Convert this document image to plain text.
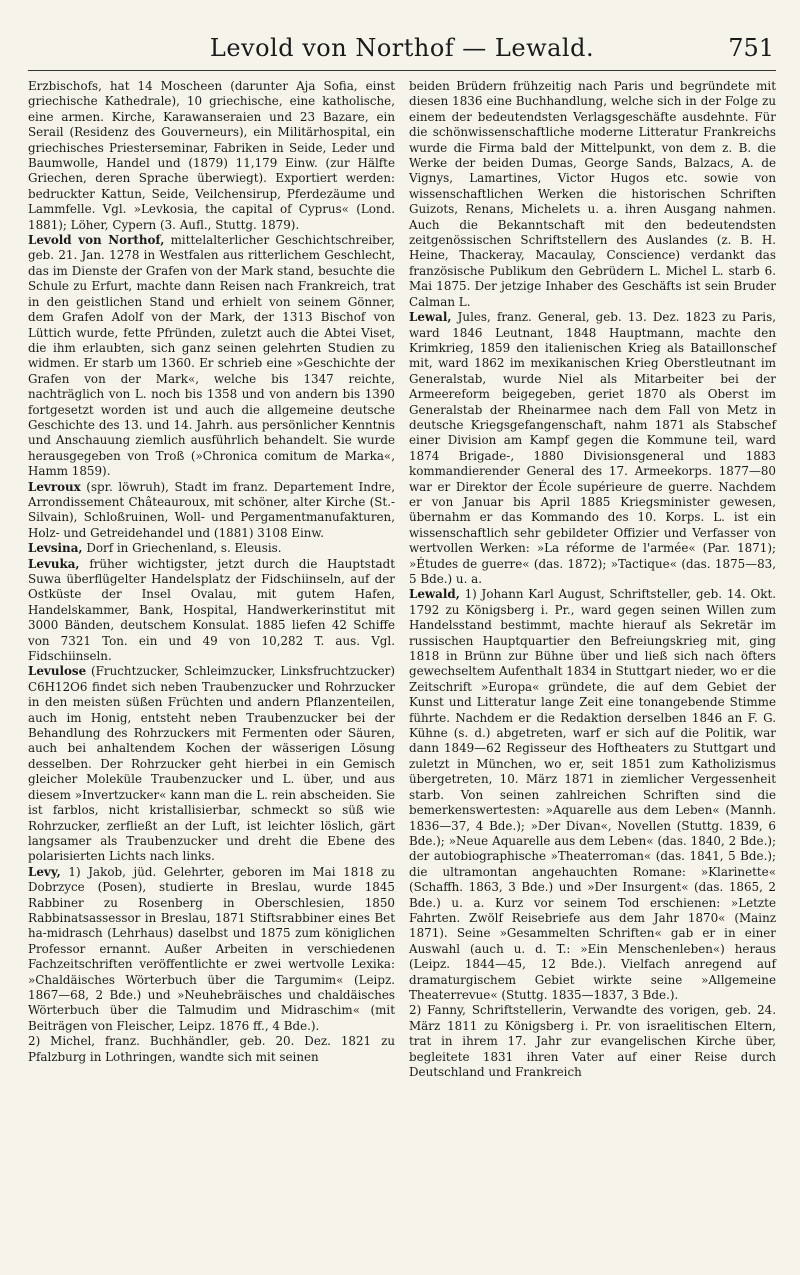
Levold von Northof — Lewald.	751

Erzbischofs, hat 14 Moscheen (darunter Aja Sofia, einst griechische Kathedrale), 10 griechische, eine katholische, eine armen. Kirche, Karawanseraien und 23 Bazare, ein Serail (Residenz des Gouverneurs), ein Militärhospital, ein griechisches Priesterseminar, Fabriken in Seide, Leder und Baumwolle, Handel und (1879) 11,179 Einw. (zur Hälfte Griechen, deren Sprache überwiegt). Exportiert werden: bedruckter Kattun, Seide, Veilchensirup, Pferdezäume und Lammfelle. Vgl. »Levkosia, the capital of Cyprus« (Lond. 1881); Löher, Cypern (3. Aufl., Stuttg. 1879).

Levold von Northof, mittelalterlicher Geschichtschreiber, geb. 21. Jan. 1278 in Westfalen aus ritterlichem Geschlecht, das im Dienste der Grafen von der Mark stand, besuchte die Schule zu Erfurt, machte dann Reisen nach Frankreich, trat in den geistlichen Stand und erhielt von seinem Gönner, dem Grafen Adolf von der Mark, der 1313 Bischof von Lüttich wurde, fette Pfründen, zuletzt auch die Abtei Viset, die ihm erlaubten, sich ganz seinen gelehrten Studien zu widmen. Er starb um 1360. Er schrieb eine »Geschichte der Grafen von der Mark«, welche bis 1347 reichte, nachträglich von L. noch bis 1358 und von andern bis 1390 fortgesetzt worden ist und auch die allgemeine deutsche Geschichte des 13. und 14. Jahrh. aus persönlicher Kenntnis und Anschauung ziemlich ausführlich behandelt. Sie wurde herausgegeben von Troß (»Chronica comitum de Marka«, Hamm 1859).

Levroux (spr. löwruh), Stadt im franz. Departement Indre, Arrondissement Châteauroux, mit schöner, alter Kirche (St.-Silvain), Schloßruinen, Woll- und Pergamentmanufakturen, Holz- und Getreidehandel und (1881) 3108 Einw.

Levsina, Dorf in Griechenland, s. Eleusis.

Levuka, früher wichtigster, jetzt durch die Hauptstadt Suwa überflügelter Handelsplatz der Fidschiinseln, auf der Ostküste der Insel Ovalau, mit gutem Hafen, Handelskammer, Bank, Hospital, Handwerkerinstitut mit 3000 Bänden, deutschem Konsulat. 1885 liefen 42 Schiffe von 7321 Ton. ein und 49 von 10,282 T. aus. Vgl. Fidschiinseln.

Levulose (Fruchtzucker, Schleimzucker, Linksfruchtzucker) C6H12O6 findet sich neben Traubenzucker und Rohrzucker in den meisten süßen Früchten und andern Pflanzenteilen, auch im Honig, entsteht neben Traubenzucker bei der Behandlung des Rohrzuckers mit Fermenten oder Säuren, auch bei anhaltendem Kochen der wässerigen Lösung desselben. Der Rohrzucker geht hierbei in ein Gemisch gleicher Moleküle Traubenzucker und L. über, und aus diesem »Invertzucker« kann man die L. rein abscheiden. Sie ist farblos, nicht kristallisierbar, schmeckt so süß wie Rohrzucker, zerfließt an der Luft, ist leichter löslich, gärt langsamer als Traubenzucker und dreht die Ebene des polarisierten Lichts nach links.

Levy, 1) Jakob, jüd. Gelehrter, geboren im Mai 1818 zu Dobrzyce (Posen), studierte in Breslau, wurde 1845 Rabbiner zu Rosenberg in Oberschlesien, 1850 Rabbinatsassessor in Breslau, 1871 Stiftsrabbiner eines Bet ha-midrasch (Lehrhaus) daselbst und 1875 zum königlichen Professor ernannt. Außer Arbeiten in verschiedenen Fachzeitschriften veröffentlichte er zwei wertvolle Lexika: »Chaldäisches Wörterbuch über die Targumim« (Leipz. 1867—68, 2 Bde.) und »Neuhebräisches und chaldäisches Wörterbuch über die Talmudim und Midraschim« (mit Beiträgen von Fleischer, Leipz. 1876 ff., 4 Bde.).

2) Michel, franz. Buchhändler, geb. 20. Dez. 1821 zu Pfalzburg in Lothringen, wandte sich mit seinen

beiden Brüdern frühzeitig nach Paris und begründete mit diesen 1836 eine Buchhandlung, welche sich in der Folge zu einem der bedeutendsten Verlagsgeschäfte ausdehnte. Für die schönwissenschaftliche moderne Litteratur Frankreichs wurde die Firma bald der Mittelpunkt, von dem z. B. die Werke der beiden Dumas, George Sands, Balzacs, A. de Vignys, Lamartines, Victor Hugos etc. sowie von wissenschaftlichen Werken die historischen Schriften Guizots, Renans, Michelets u. a. ihren Ausgang nahmen. Auch die Bekanntschaft mit den bedeutendsten zeitgenössischen Schriftstellern des Auslandes (z. B. H. Heine, Thackeray, Macaulay, Conscience) verdankt das französische Publikum den Gebrüdern L. Michel L. starb 6. Mai 1875. Der jetzige Inhaber des Geschäfts ist sein Bruder Calman L.

Lewal, Jules, franz. General, geb. 13. Dez. 1823 zu Paris, ward 1846 Leutnant, 1848 Hauptmann, machte den Krimkrieg, 1859 den italienischen Krieg als Bataillonschef mit, ward 1862 im mexikanischen Krieg Oberstleutnant im Generalstab, wurde Niel als Mitarbeiter bei der Armeereform beigegeben, geriet 1870 als Oberst im Generalstab der Rheinarmee nach dem Fall von Metz in deutsche Kriegsgefangenschaft, nahm 1871 als Stabschef einer Division am Kampf gegen die Kommune teil, ward 1874 Brigade-, 1880 Divisionsgeneral und 1883 kommandierender General des 17. Armeekorps. 1877—80 war er Direktor der École supérieure de guerre. Nachdem er von Januar bis April 1885 Kriegsminister gewesen, übernahm er das Kommando des 10. Korps. L. ist ein wissenschaftlich sehr gebildeter Offizier und Verfasser von wertvollen Werken: »La réforme de l'armée« (Par. 1871); »Études de guerre« (das. 1872); »Tactique« (das. 1875—83, 5 Bde.) u. a.

Lewald, 1) Johann Karl August, Schriftsteller, geb. 14. Okt. 1792 zu Königsberg i. Pr., ward gegen seinen Willen zum Handelsstand bestimmt, machte hierauf als Sekretär im russischen Hauptquartier den Befreiungskrieg mit, ging 1818 in Brünn zur Bühne über und ließ sich nach öfters gewechseltem Aufenthalt 1834 in Stuttgart nieder, wo er die Zeitschrift »Europa« gründete, die auf dem Gebiet der Kunst und Litteratur lange Zeit eine tonangebende Stimme führte. Nachdem er die Redaktion derselben 1846 an F. G. Kühne (s. d.) abgetreten, warf er sich auf die Politik, war dann 1849—62 Regisseur des Hoftheaters zu Stuttgart und zuletzt in München, wo er, seit 1851 zum Katholizismus übergetreten, 10. März 1871 in ziemlicher Vergessenheit starb. Von seinen zahlreichen Schriften sind die bemerkenswertesten: »Aquarelle aus dem Leben« (Mannh. 1836—37, 4 Bde.); »Der Divan«, Novellen (Stuttg. 1839, 6 Bde.); »Neue Aquarelle aus dem Leben« (das. 1840, 2 Bde.); der autobiographische »Theaterroman« (das. 1841, 5 Bde.); die ultramontan angehauchten Romane: »Klarinette« (Schaffh. 1863, 3 Bde.) und »Der Insurgent« (das. 1865, 2 Bde.) u. a. Kurz vor seinem Tod erschienen: »Letzte Fahrten. Zwölf Reisebriefe aus dem Jahr 1870« (Mainz 1871). Seine »Gesammelten Schriften« gab er in einer Auswahl (auch u. d. T.: »Ein Menschenleben«) heraus (Leipz. 1844—45, 12 Bde.). Vielfach anregend auf dramaturgischem Gebiet wirkte seine »Allgemeine Theaterrevue« (Stuttg. 1835—1837, 3 Bde.).

2) Fanny, Schriftstellerin, Verwandte des vorigen, geb. 24. März 1811 zu Königsberg i. Pr. von israelitischen Eltern, trat in ihrem 17. Jahr zur evangelischen Kirche über, begleitete 1831 ihren Vater auf einer Reise durch Deutschland und Frankreich
